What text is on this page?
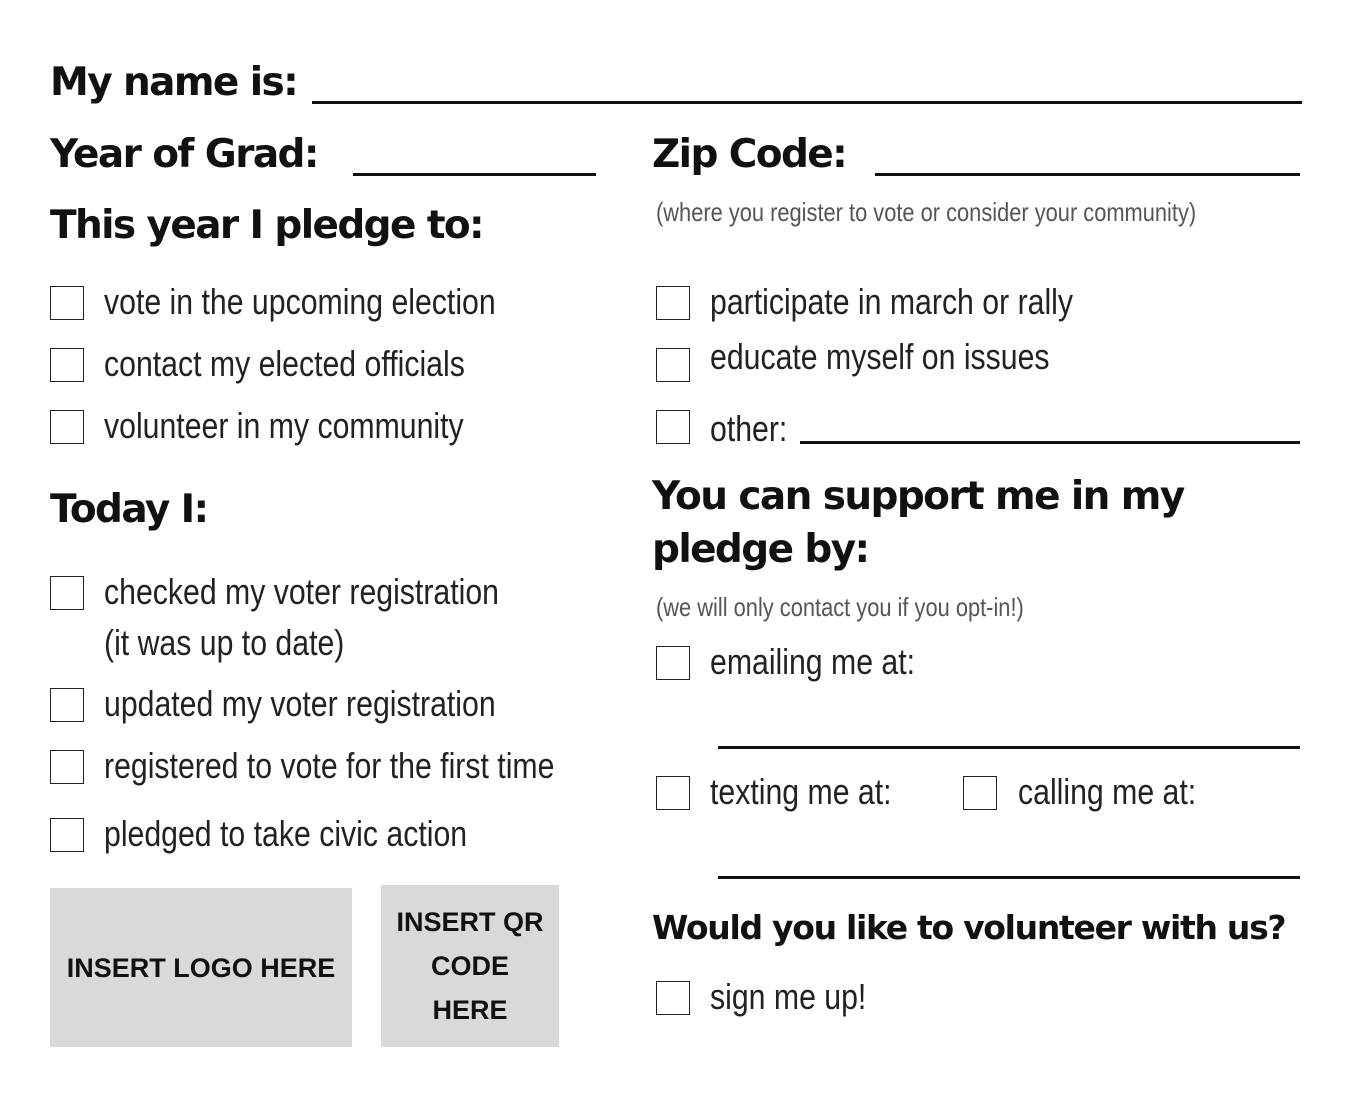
My name is:
Year of Grad:	Zip Code:
(where you register to vote or consider your community)
This year I pledge to:
vote in the upcoming election
contact my elected officials
volunteer in my community
participate in march or rally
educate myself on issues
other:
Today I:
checked my voter registration
(it was up to date)
updated my voter registration
registered to vote for the first time
pledged to take civic action
You can support me in my
pledge by:
(we will only contact you if you opt-in!)
emailing me at:
texting me at:	calling me at:
Would you like to volunteer with us?
sign me up!
INSERT LOGO HERE
INSERT QR
CODE
HERE
